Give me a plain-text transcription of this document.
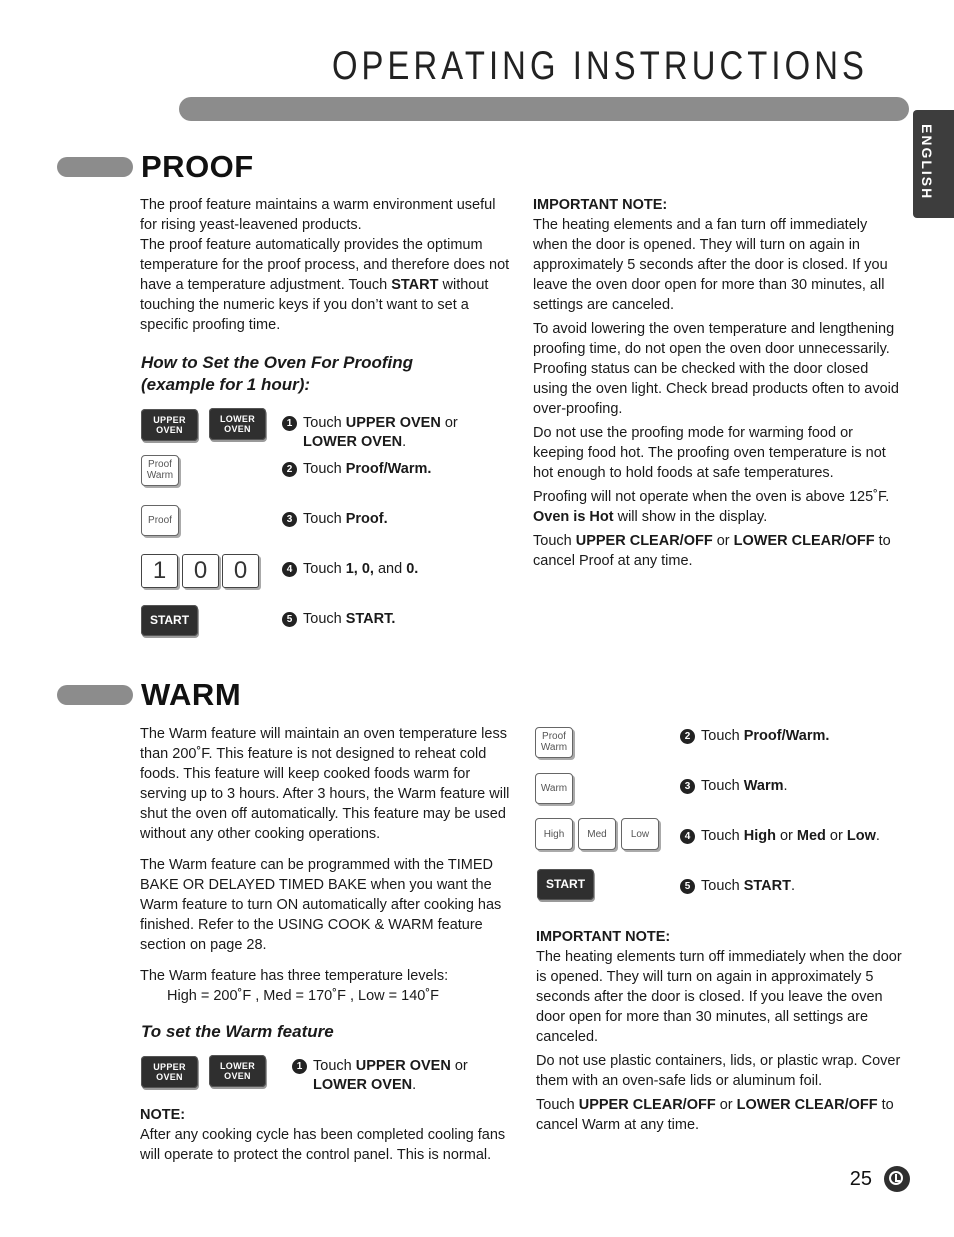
OPERATING INSTRUCTIONS
ENGLISH
PROOF

The proof feature maintains a warm environment useful for rising yeast-leavened products.

The proof feature automatically provides the optimum temperature for the proof process, and therefore does not have a temperature adjustment. Touch START without touching the numeric keys if you don’t want to set a specific proofing time.

How to Set the Oven For Proofing
(example for 1 hour):
UPPER
OVEN
LOWER
OVEN
Proof
Warm
Proof
1	0	0
START
1 Touch UPPER OVEN or
LOWER OVEN.
2 Touch Proof/Warm.
3 Touch Proof.
4 Touch 1, 0, and 0.
5 Touch START.

IMPORTANT NOTE:

The heating elements and a fan turn off immediately when the door is opened. They will turn on again in approximately 5 seconds after the door is closed. If you leave the oven door open for more than 30 minutes, all settings are canceled.

To avoid lowering the oven temperature and lengthening proofing time, do not open the oven door unnecessarily. Proofing status can be checked with the door closed using the oven light. Check bread products often to avoid over-proofing.

Do not use the proofing mode for warming food or keeping food hot. The proofing oven temperature is not hot enough to hold foods at safe temperatures.

Proofing will not operate when the oven is above 125˚F.
Oven is Hot will show in the display.

Touch UPPER CLEAR/OFF or LOWER CLEAR/OFF to cancel Proof at any time.

WARM

The Warm feature will maintain an oven temperature less than 200˚F. This feature is not designed to reheat cold foods. This feature will keep cooked foods warm for serving up to 3 hours. After 3 hours, the Warm feature will shut the oven off automatically. This feature may be used without any other cooking operations.

The Warm feature can be programmed with the TIMED BAKE OR DELAYED TIMED BAKE when you want the Warm feature to turn ON automatically after cooking has finished. Refer to the USING COOK & WARM feature section on page 28.

The Warm feature has three temperature levels:

High = 200˚F , Med = 170˚F , Low = 140˚F

To set the Warm feature
UPPER
OVEN
LOWER
OVEN
1 Touch UPPER OVEN or
LOWER OVEN.

NOTE:

After any cooking cycle has been completed cooling fans will operate to protect the control panel. This is normal.

Proof
Warm
Warm
High	Med	Low
START
2 Touch Proof/Warm.
3 Touch Warm.
4 Touch High or Med or Low.
5 Touch START.

IMPORTANT NOTE:

The heating elements turn off immediately when the door is opened. They will turn on again in approximately 5 seconds after the door is closed. If you leave the oven door open for more than 30 minutes, all settings are canceled.

Do not use plastic containers, lids, or plastic wrap. Cover them with an oven-safe lids or aluminum foil.

Touch UPPER CLEAR/OFF or LOWER CLEAR/OFF to cancel Warm at any time.

25
